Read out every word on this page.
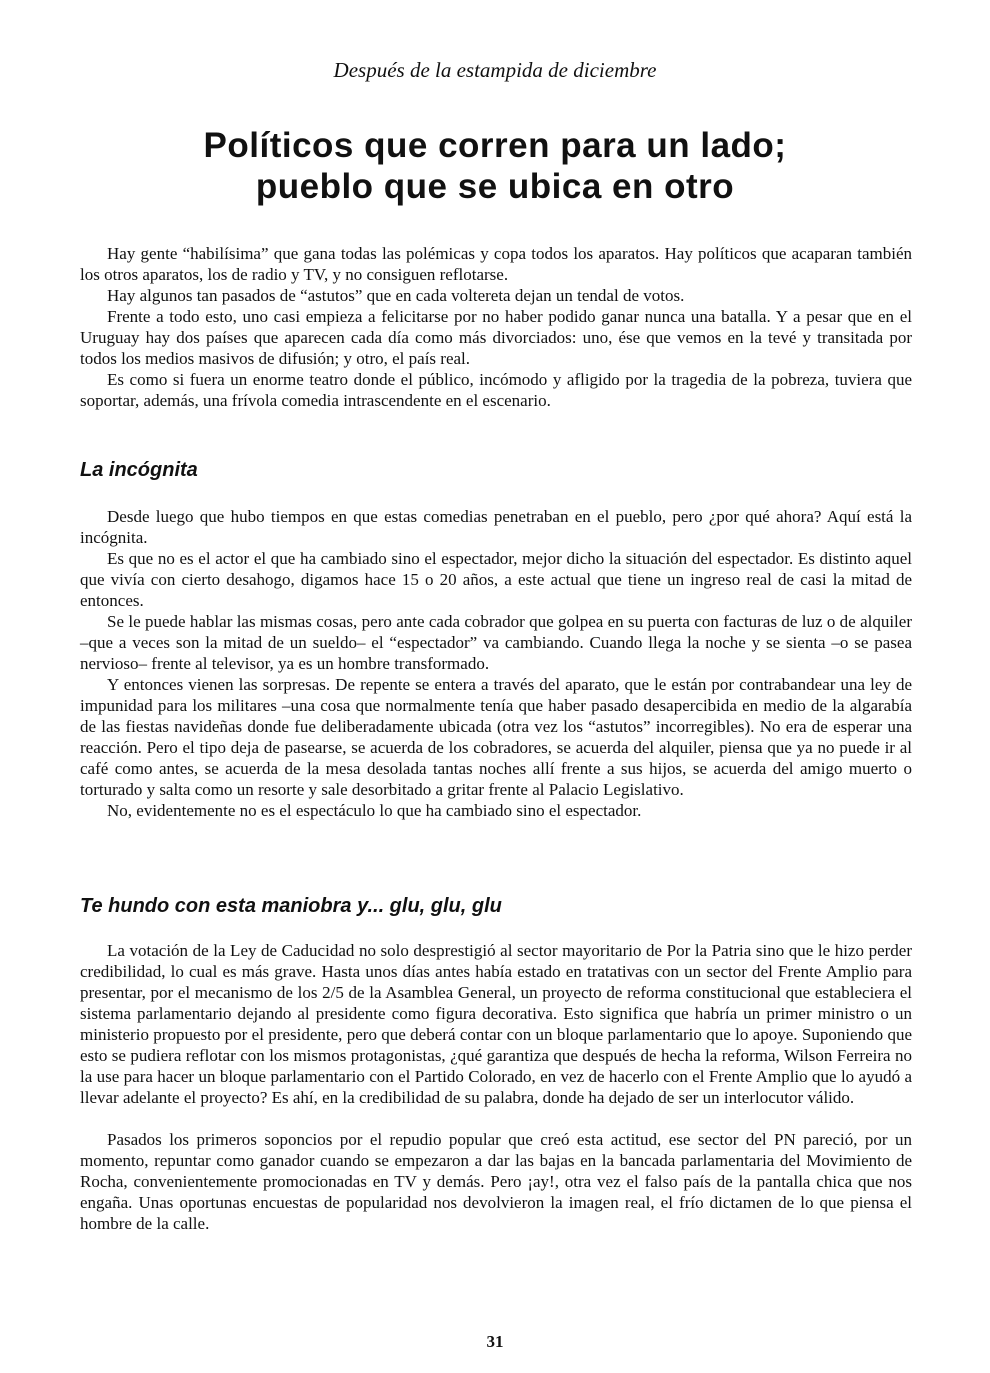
Después de la estampida de diciembre
Políticos que corren para un lado;
pueblo que se ubica en otro

Hay gente “habilísima” que gana todas las polémicas y copa todos los aparatos. Hay políticos que acaparan también los otros aparatos, los de radio y TV, y no consiguen reflotarse.

Hay algunos tan pasados de “astutos” que en cada voltereta dejan un tendal de votos.

Frente a todo esto, uno casi empieza a felicitarse por no haber podido ganar nunca una batalla. Y a pesar que en el Uruguay hay dos países que aparecen cada día como más divorciados: uno, ése que vemos en la tevé y transitada por todos los medios masivos de difusión; y otro, el país real.

Es como si fuera un enorme teatro donde el público, incómodo y afligido por la tragedia de la pobreza, tuviera que soportar, además, una frívola comedia intrascendente en el escenario.

La incógnita

Desde luego que hubo tiempos en que estas comedias penetraban en el pueblo, pero ¿por qué ahora? Aquí está la incógnita.

Es que no es el actor el que ha cambiado sino el espectador, mejor dicho la situación del espectador. Es distinto aquel que vivía con cierto desahogo, digamos hace 15 o 20 años, a este actual que tiene un ingreso real de casi la mitad de entonces.

Se le puede hablar las mismas cosas, pero ante cada cobrador que golpea en su puerta con facturas de luz o de alquiler –que a veces son la mitad de un sueldo– el “espectador” va cambiando. Cuando llega la noche y se sienta –o se pasea nervioso– frente al televisor, ya es un hombre transformado.

Y entonces vienen las sorpresas. De repente se entera a través del aparato, que le están por contrabandear una ley de impunidad para los militares –una cosa que normalmente tenía que haber pasado desapercibida en medio de la algarabía de las fiestas navideñas donde fue deliberadamente ubicada (otra vez los “astutos” incorregibles). No era de esperar una reacción. Pero el tipo deja de pasearse, se acuerda de los cobradores, se acuerda del alquiler, piensa que ya no puede ir al café como antes, se acuerda de la mesa desolada tantas noches allí frente a sus hijos, se acuerda del amigo muerto o torturado y salta como un resorte y sale desorbitado a gritar frente al Palacio Legislativo.

No, evidentemente no es el espectáculo lo que ha cambiado sino el espectador.

Te hundo con esta maniobra y... glu, glu, glu

La votación de la Ley de Caducidad no solo desprestigió al sector mayoritario de Por la Patria sino que le hizo perder credibilidad, lo cual es más grave. Hasta unos días antes había estado en tratativas con un sector del Frente Amplio para presentar, por el mecanismo de los 2/5 de la Asamblea General, un proyecto de reforma constitucional que estableciera el sistema parlamentario dejando al presidente como figura decorativa. Esto significa que habría un primer ministro o un ministerio propuesto por el presidente, pero que deberá contar con un bloque parlamentario que lo apoye. Suponiendo que esto se pudiera reflotar con los mismos protagonistas, ¿qué garantiza que después de hecha la reforma, Wilson Ferreira no la use para hacer un bloque parlamentario con el Partido Colorado, en vez de hacerlo con el Frente Amplio que lo ayudó a llevar adelante el proyecto? Es ahí, en la credibilidad de su palabra, donde ha dejado de ser un interlocutor válido.

Pasados los primeros soponcios por el repudio popular que creó esta actitud, ese sector del PN pareció, por un momento, repuntar como ganador cuando se empezaron a dar las bajas en la bancada parlamentaria del Movimiento de Rocha, convenientemente promocionadas en TV y demás. Pero ¡ay!, otra vez el falso país de la pantalla chica que nos engaña. Unas oportunas encuestas de popularidad nos devolvieron la imagen real, el frío dictamen de lo que piensa el hombre de la calle.

31
